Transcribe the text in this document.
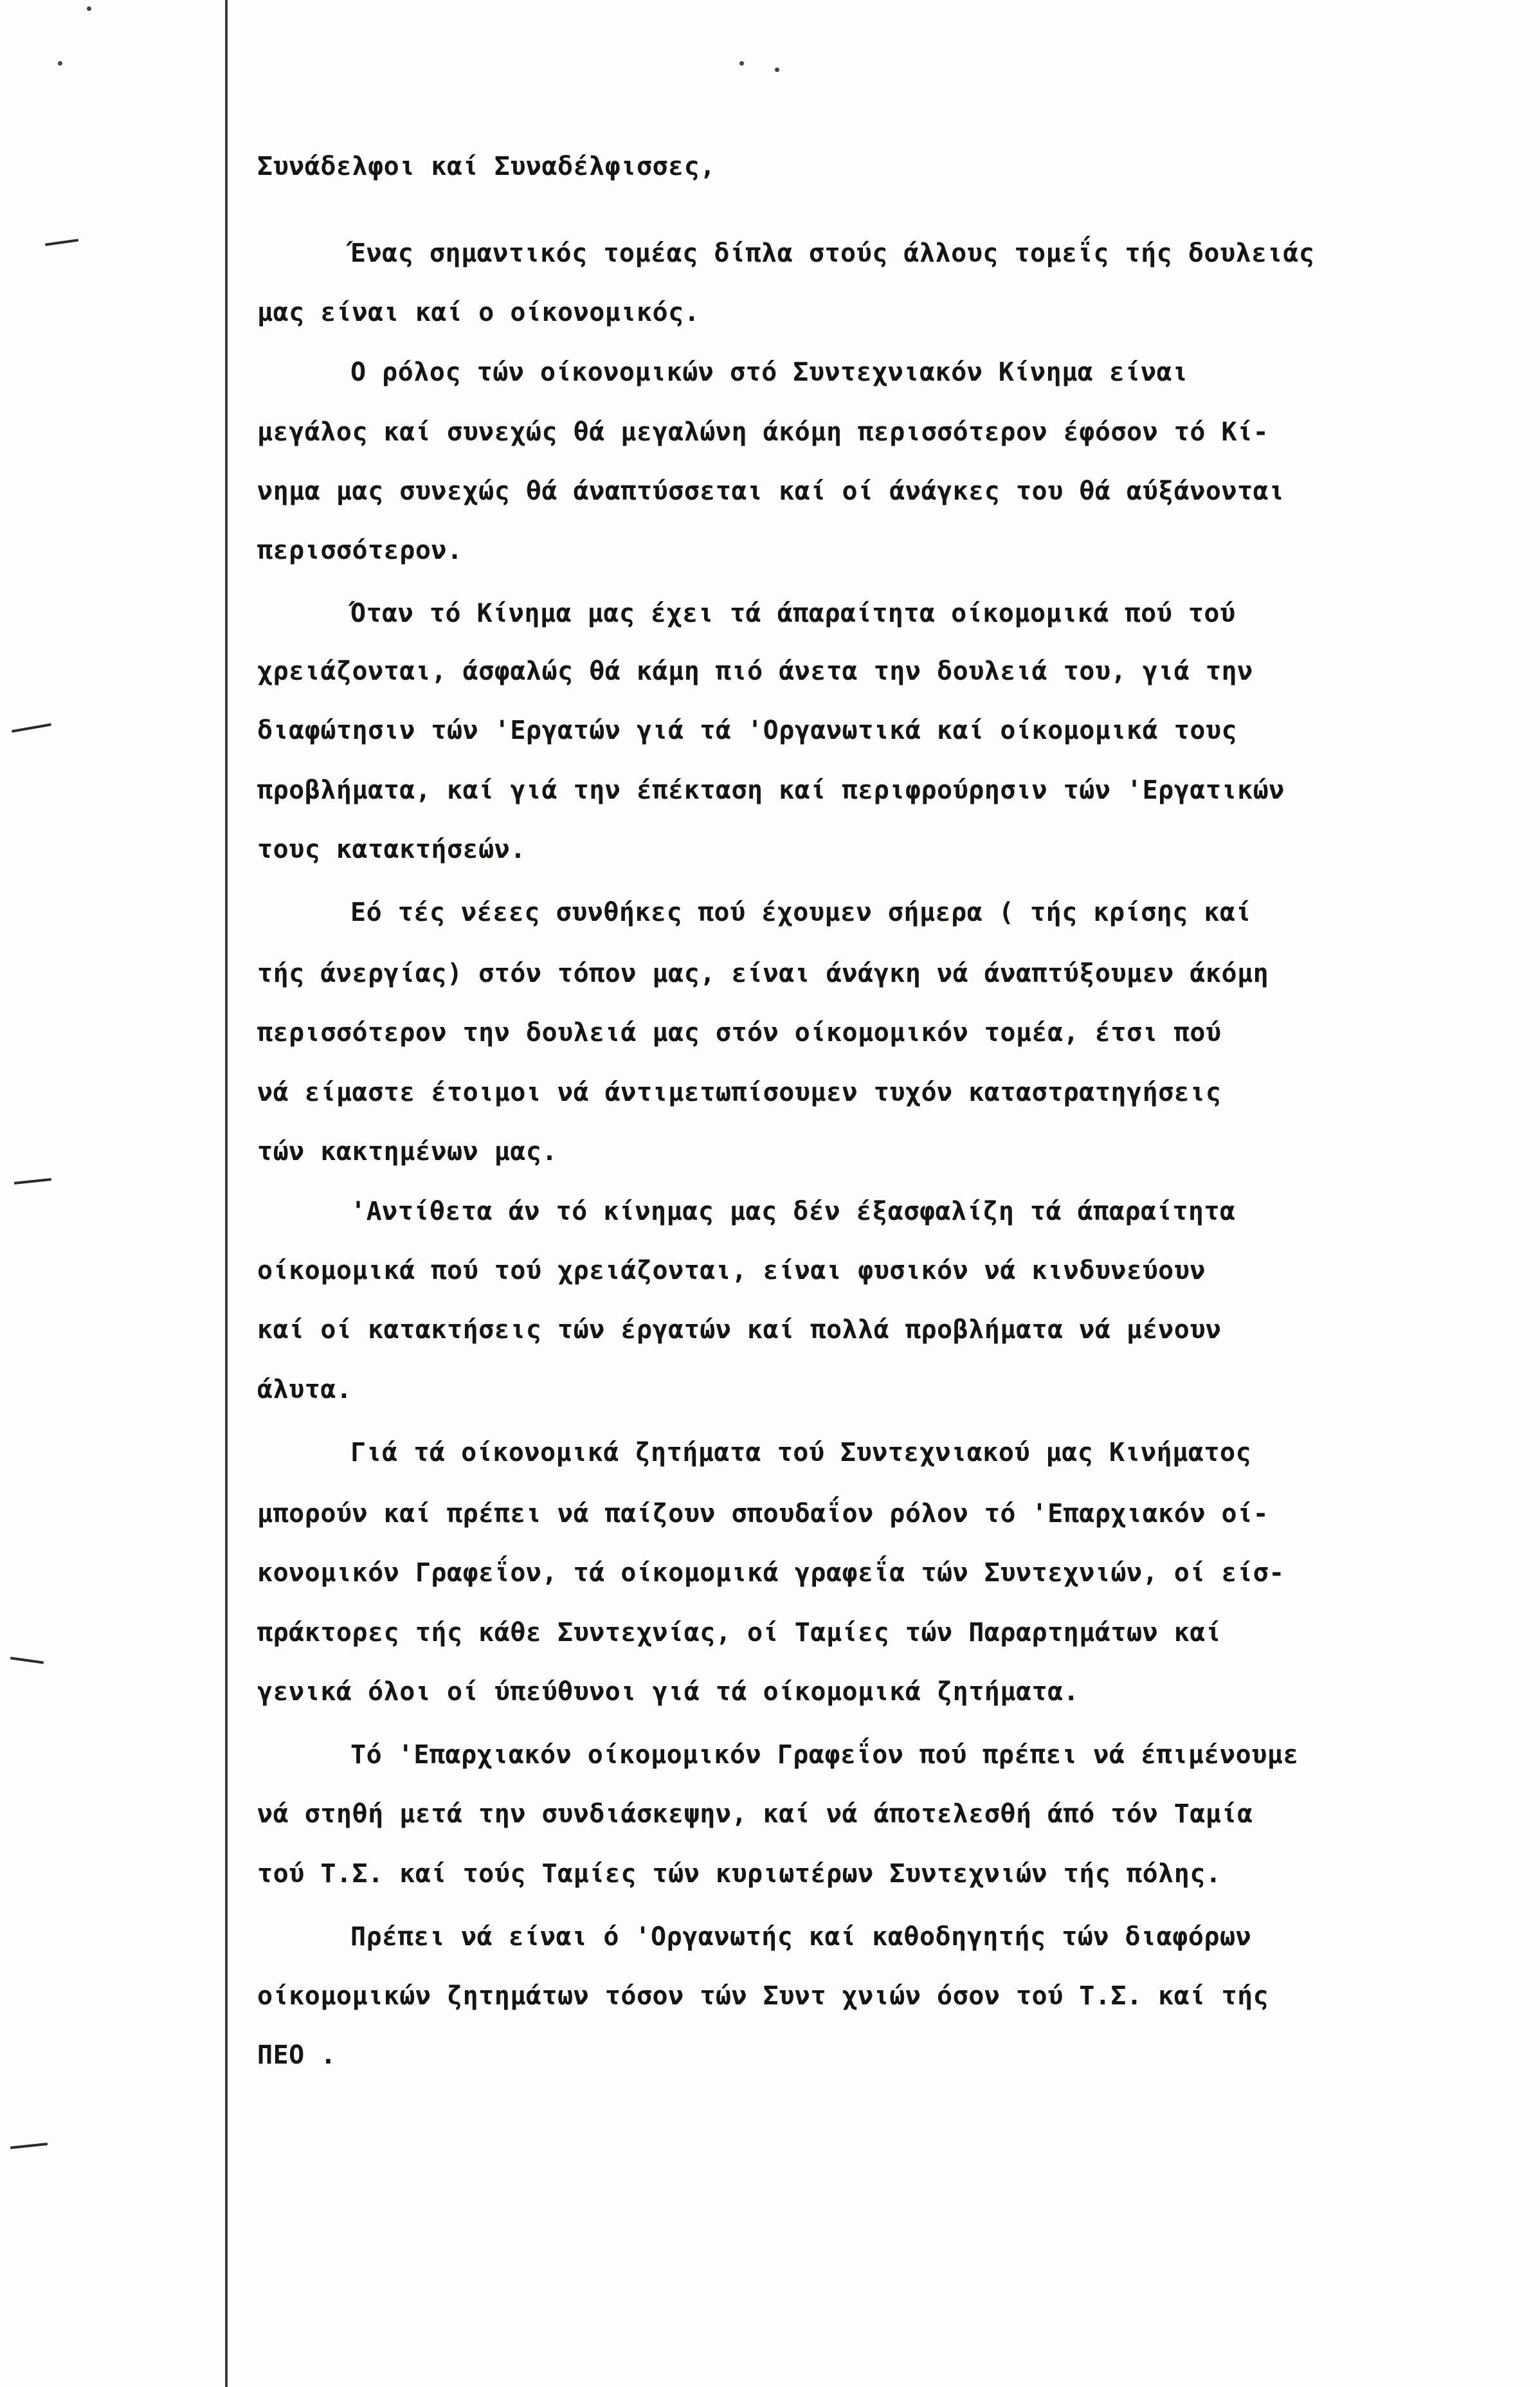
Συνάδελφοι καί Συναδέλφισσες,
Ένας σημαντικός τομέας δίπλα στούς άλλους τομεΐς τής δουλειάς
μας είναι καί ο οίκονομικός.
Ο ρόλος τών οίκονομικών στό Συντεχνιακόν Κίνημα είναι
μεγάλος καί συνεχώς θά μεγαλώνη άκόμη περισσότερον έφόσον τό Κί-
νημα μας συνεχώς θά άναπτύσσεται καί οί άνάγκες του θά αύξάνονται
περισσότερον.
Όταν τό Κίνημα μας έχει τά άπαραίτητα οίκομομικά πού τού
χρειάζονται, άσφαλώς θά κάμη πιό άνετα την δουλειά του, γιά την
διαφώτησιν τών 'Εργατών γιά τά 'Οργανωτικά καί οίκομομικά τους
προβλήματα, καί γιά την έπέκταση καί περιφρούρησιν τών 'Εργατικών
τους κατακτήσεών.
Εό τές νέεες συνθήκες πού έχουμεν σήμερα ( τής κρίσης καί
τής άνεργίας) στόν τόπον μας, είναι άνάγκη νά άναπτύξουμεν άκόμη
περισσότερον την δουλειά μας στόν οίκομομικόν τομέα, έτσι πού
νά είμαστε έτοιμοι νά άντιμετωπίσουμεν τυχόν καταστρατηγήσεις
τών κακτημένων μας.
'Αντίθετα άν τό κίνημας μας δέν έξασφαλίζη τά άπαραίτητα
οίκομομικά πού τού χρειάζονται, είναι φυσικόν νά κινδυνεύουν
καί οί κατακτήσεις τών έργατών καί πολλά προβλήματα νά μένουν
άλυτα.
Γιά τά οίκονομικά ζητήματα τού Συντεχνιακού μας Κινήματος
μπορούν καί πρέπει νά παίζουν σπουδαΐον ρόλον τό 'Επαρχιακόν οί-
κονομικόν Γραφεΐον, τά οίκομομικά γραφεΐα τών Συντεχνιών, οί είσ-
πράκτορες τής κάθε Συντεχνίας, οί Ταμίες τών Παραρτημάτων καί
γενικά όλοι οί ύπεύθυνοι γιά τά οίκομομικά ζητήματα.
Τό 'Επαρχιακόν οίκομομικόν Γραφεΐον πού πρέπει νά έπιμένουμε
νά στηθή μετά την συνδιάσκεψην, καί νά άποτελεσθή άπό τόν Ταμία
τού Τ.Σ. καί τούς Ταμίες τών κυριωτέρων Συντεχνιών τής πόλης.
Πρέπει νά είναι ό 'Οργανωτής καί καθοδηγητής τών διαφόρων
οίκομομικών ζητημάτων τόσον τών Συντ χνιών όσον τού Τ.Σ. καί τής
ΠΕΟ .
